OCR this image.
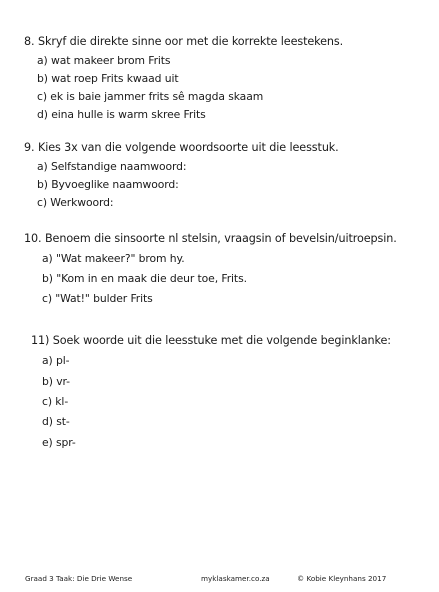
8. Skryf die direkte sinne oor met die korrekte leestekens.
a) wat makeer brom Frits
b) wat roep Frits kwaad uit
c) ek is baie jammer frits sê magda skaam
d) eina hulle is warm skree Frits
9. Kies 3x van die volgende woordsoorte uit die leesstuk.
a) Selfstandige naamwoord:
b) Byvoeglike naamwoord:
c) Werkwoord:
10. Benoem die sinsoorte nl stelsin, vraagsin of bevelsin/uitroepsin.
a) "Wat makeer?" brom hy.
b) "Kom in en maak die deur toe, Frits.
c) "Wat!" bulder Frits
11) Soek woorde uit die leesstuke met die volgende beginklanke:
a) pl-
b) vr-
c) kl-
d) st-
e) spr-
Graad 3 Taak: Die Drie Wense	myklaskamer.co.za	© Kobie Kleynhans 2017
